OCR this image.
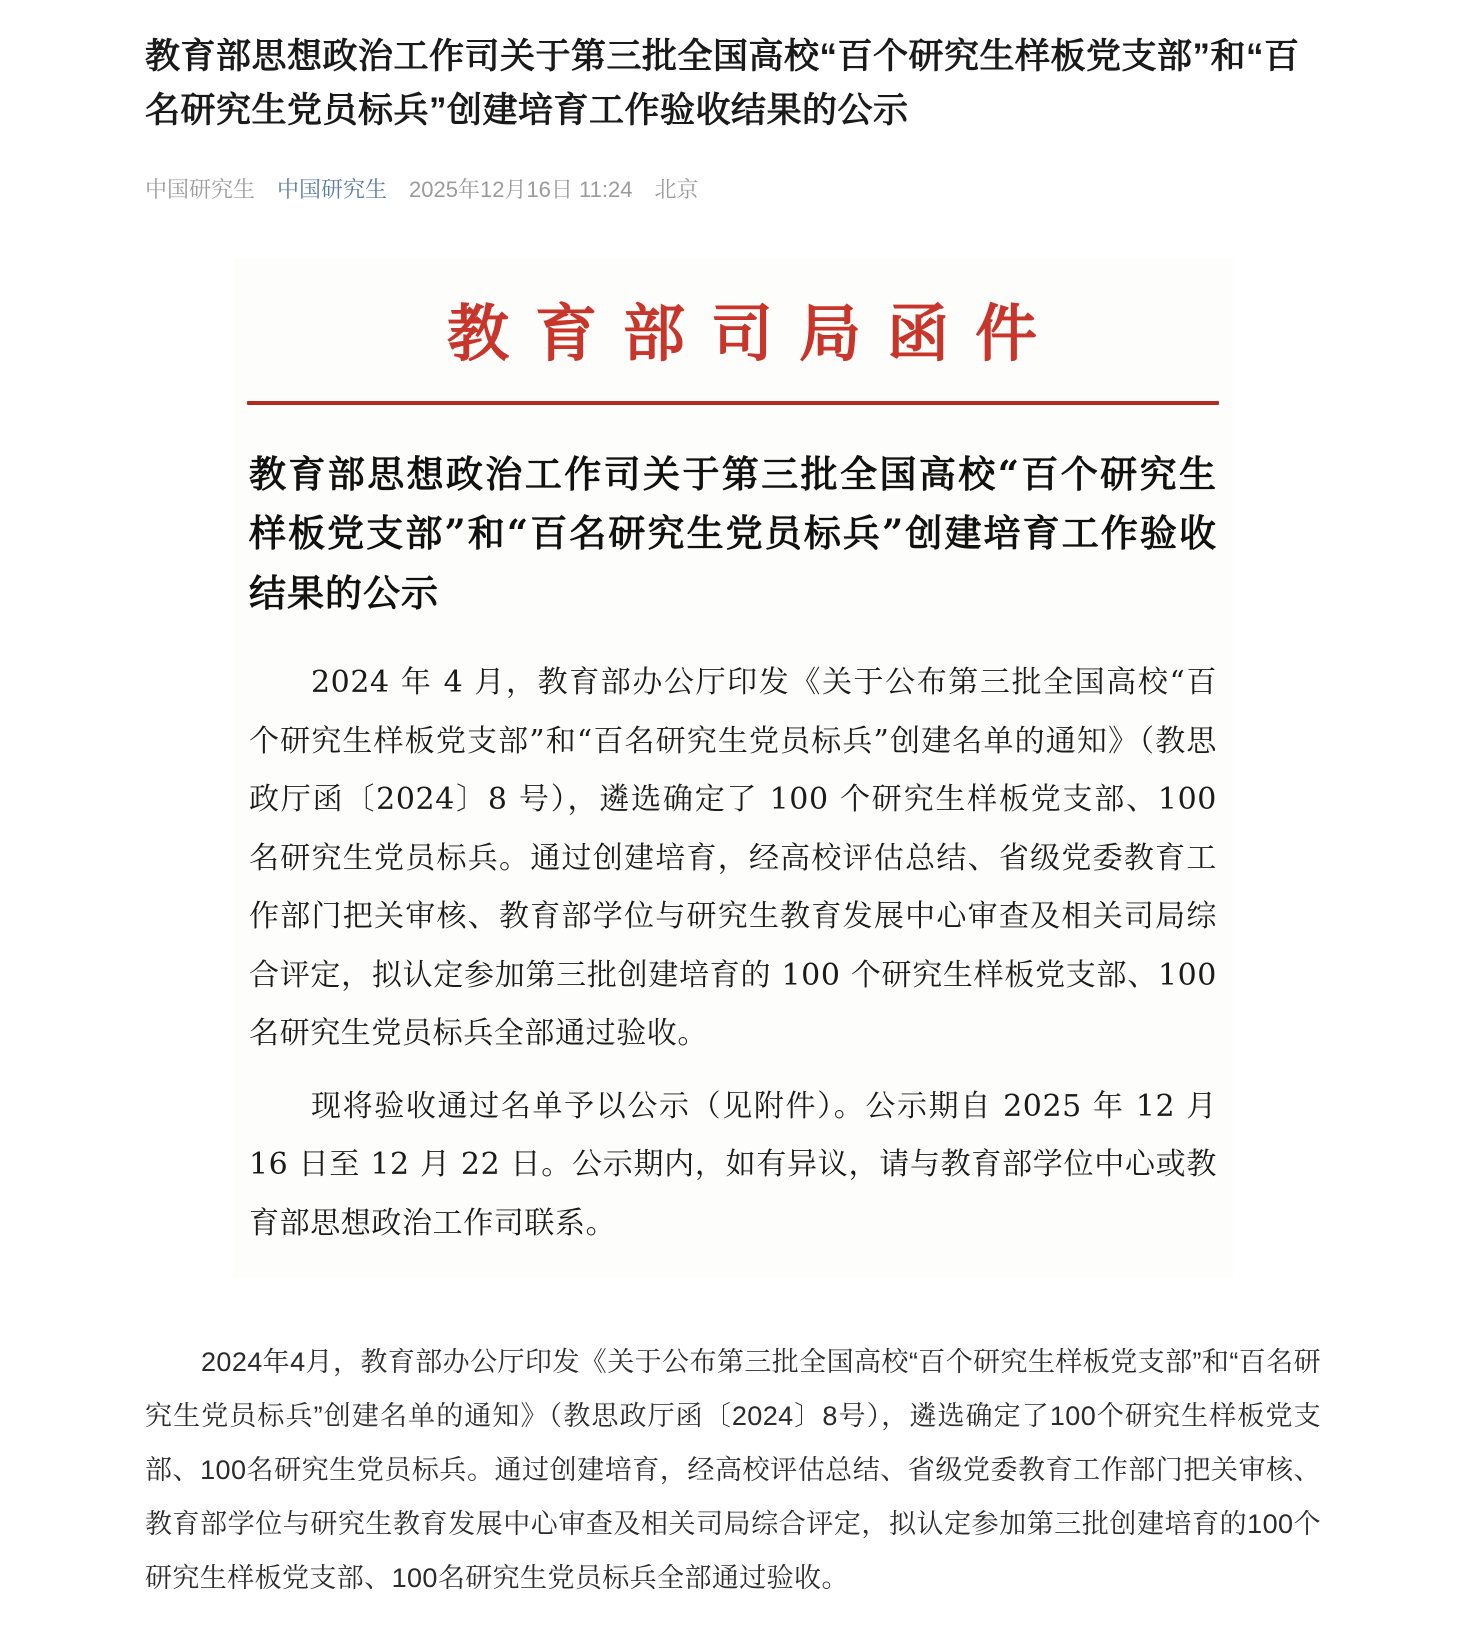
教育部思想政治工作司关于第三批全国高校“百个研究生样板党支部”和“百名研究生党员标兵”创建培育工作验收结果的公示
中国研究生 中国研究生 2025年12月16日 11:24 北京
教育部司局函件
教育部思想政治工作司关于第三批全国高校“百个研究生样板党支部”和“百名研究生党员标兵”创建培育工作验收结果的公示

2024 年 4 月，教育部办公厅印发《关于公布第三批全国高校“百个研究生样板党支部”和“百名研究生党员标兵”创建名单的通知》（教思政厅函〔2024〕8 号），遴选确定了 100 个研究生样板党支部、100 名研究生党员标兵。通过创建培育，经高校评估总结、省级党委教育工作部门把关审核、教育部学位与研究生教育发展中心审查及相关司局综合评定，拟认定参加第三批创建培育的 100 个研究生样板党支部、100 名研究生党员标兵全部通过验收。

现将验收通过名单予以公示（见附件）。公示期自 2025 年 12 月 16 日至 12 月 22 日。公示期内，如有异议，请与教育部学位中心或教育部思想政治工作司联系。

2024年4月，教育部办公厅印发《关于公布第三批全国高校“百个研究生样板党支部”和“百名研究生党员标兵”创建名单的通知》（教思政厅函〔2024〕8号），遴选确定了100个研究生样板党支部、100名研究生党员标兵。通过创建培育，经高校评估总结、省级党委教育工作部门把关审核、教育部学位与研究生教育发展中心审查及相关司局综合评定，拟认定参加第三批创建培育的100个研究生样板党支部、100名研究生党员标兵全部通过验收。
